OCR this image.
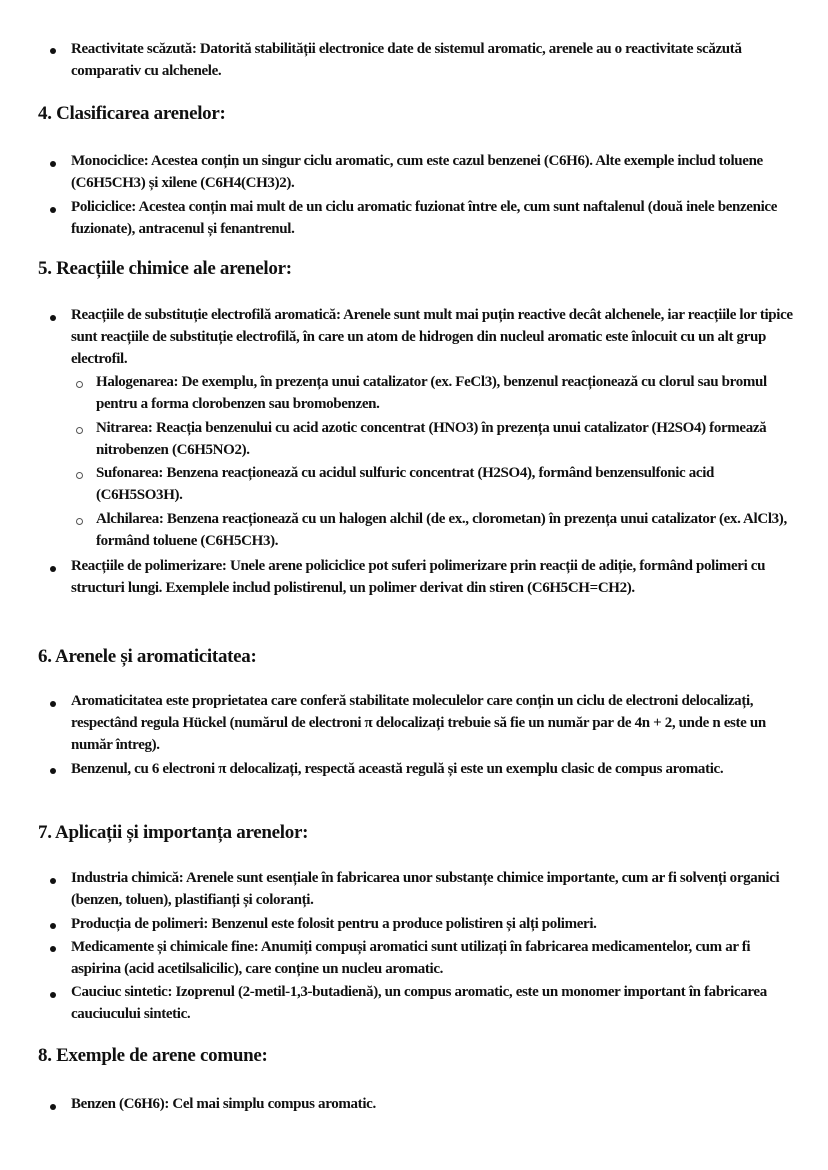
Reactivitate scăzută: Datorită stabilității electronice date de sistemul aromatic, arenele au o reactivitate scăzută comparativ cu alchenele.

4. Clasificarea arenelor:

Monociclice: Acestea conțin un singur ciclu aromatic, cum este cazul benzenei (C6H6). Alte exemple includ toluene (C6H5CH3) și xilene (C6H4(CH3)2).

Policiclice: Acestea conțin mai mult de un ciclu aromatic fuzionat între ele, cum sunt naftalenul (două inele benzenice fuzionate), antracenul și fenantrenul.

5. Reacțiile chimice ale arenelor:

Reacțiile de substituție electrofilă aromatică: Arenele sunt mult mai puțin reactive decât alchenele, iar reacțiile lor tipice sunt reacțiile de substituție electrofilă, în care un atom de hidrogen din nucleul aromatic este înlocuit cu un alt grup electrofil.

Halogenarea: De exemplu, în prezența unui catalizator (ex. FeCl3), benzenul reacționează cu clorul sau bromul pentru a forma clorobenzen sau bromobenzen.

Nitrarea: Reacția benzenului cu acid azotic concentrat (HNO3) în prezența unui catalizator (H2SO4) formează nitrobenzen (C6H5NO2).

Sufonarea: Benzena reacționează cu acidul sulfuric concentrat (H2SO4), formând benzensulfonic acid (C6H5SO3H).

Alchilarea: Benzena reacționează cu un halogen alchil (de ex., clorometan) în prezența unui catalizator (ex. AlCl3), formând toluene (C6H5CH3).

Reacțiile de polimerizare: Unele arene policiclice pot suferi polimerizare prin reacții de adiție, formând polimeri cu structuri lungi. Exemplele includ polistirenul, un polimer derivat din stiren (C6H5CH=CH2).

6. Arenele și aromaticitatea:

Aromaticitatea este proprietatea care conferă stabilitate moleculelor care conțin un ciclu de electroni delocalizați, respectând regula Hückel (numărul de electroni π delocalizați trebuie să fie un număr par de 4n + 2, unde n este un număr întreg).

Benzenul, cu 6 electroni π delocalizați, respectă această regulă și este un exemplu clasic de compus aromatic.

7. Aplicații și importanța arenelor:

Industria chimică: Arenele sunt esențiale în fabricarea unor substanțe chimice importante, cum ar fi solvenți organici (benzen, toluen), plastifianți și coloranți.

Producția de polimeri: Benzenul este folosit pentru a produce polistiren și alți polimeri.

Medicamente și chimicale fine: Anumiți compuși aromatici sunt utilizați în fabricarea medicamentelor, cum ar fi aspirina (acid acetilsalicilic), care conține un nucleu aromatic.

Cauciuc sintetic: Izoprenul (2-metil-1,3-butadienă), un compus aromatic, este un monomer important în fabricarea cauciucului sintetic.

8. Exemple de arene comune:

Benzen (C6H6): Cel mai simplu compus aromatic.
